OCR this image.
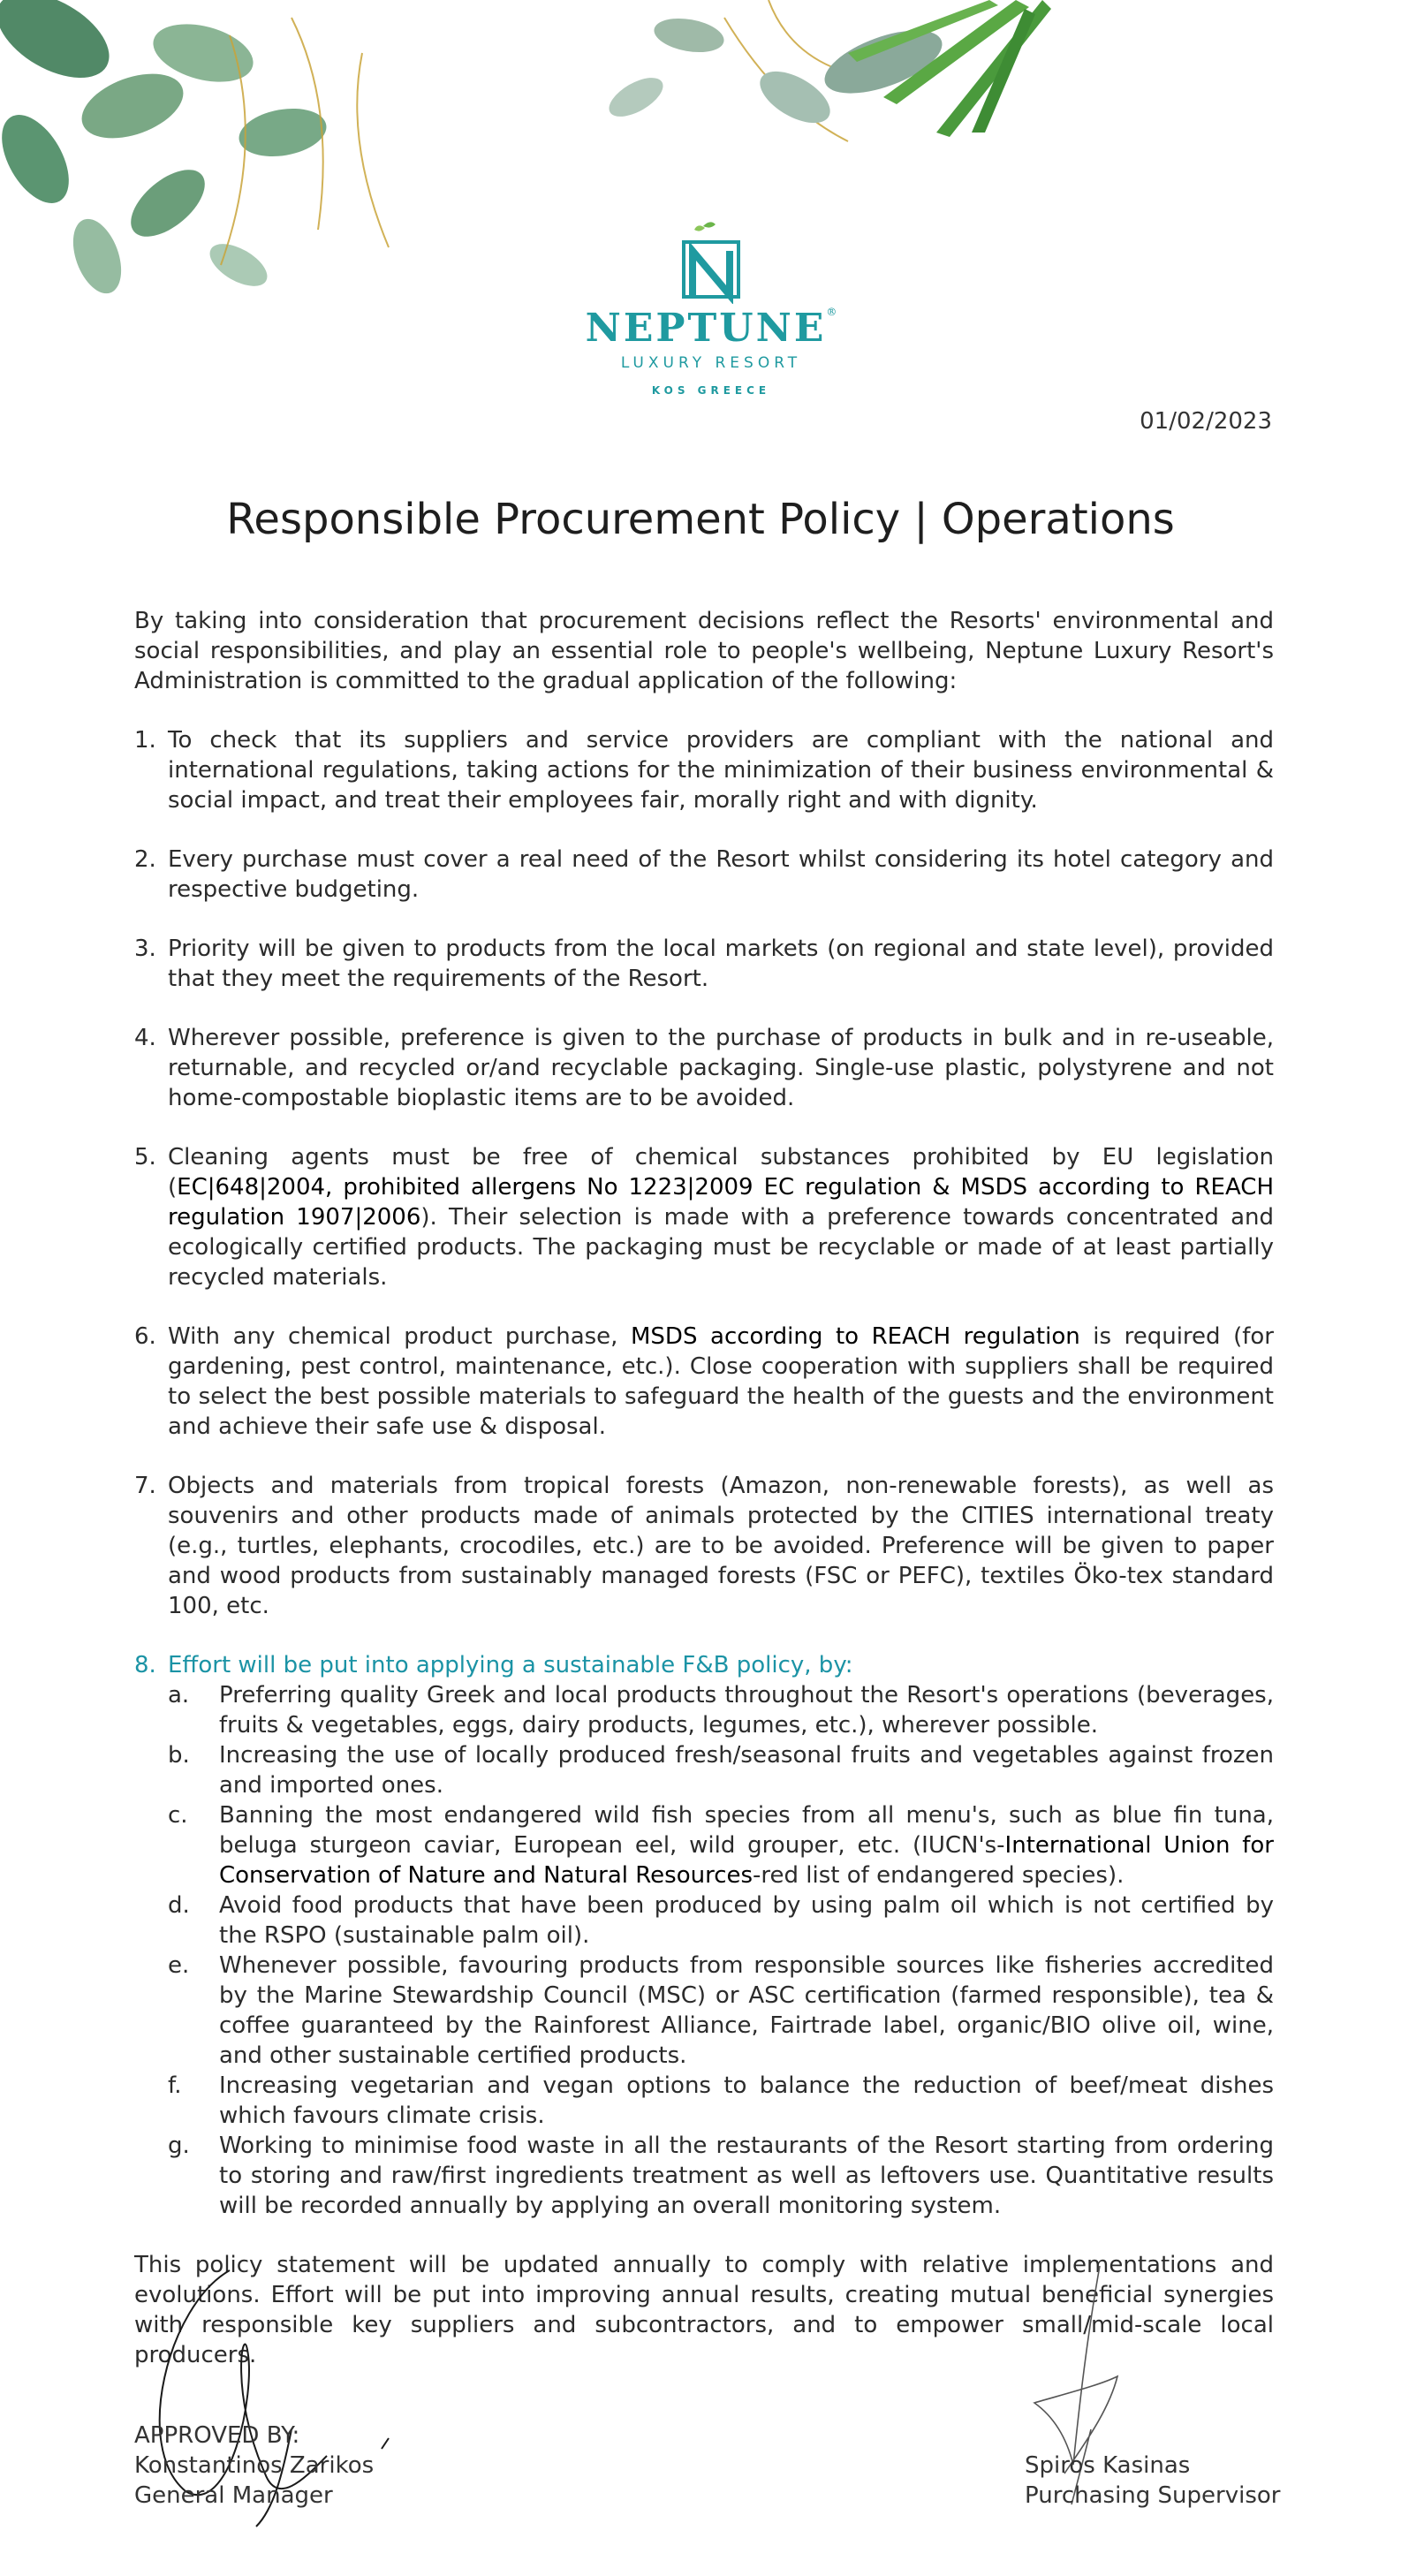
NEPTUNE®
LUXURY RESORT
KOS GREECE
01/02/2023
Responsible Procurement Policy | Operations

By taking into consideration that procurement decisions reflect the Resorts' environmental and social responsibilities, and play an essential role to people's wellbeing, Neptune Luxury Resort's Administration is committed to the gradual application of the following:

1. To check that its suppliers and service providers are compliant with the national and international regulations, taking actions for the minimization of their business environmental & social impact, and treat their employees fair, morally right and with dignity.
2. Every purchase must cover a real need of the Resort whilst considering its hotel category and respective budgeting.
3. Priority will be given to products from the local markets (on regional and state level), provided that they meet the requirements of the Resort.
4. Wherever possible, preference is given to the purchase of products in bulk and in re-useable, returnable, and recycled or/and recyclable packaging. Single-use plastic, polystyrene and not home-compostable bioplastic items are to be avoided.
5. Cleaning agents must be free of chemical substances prohibited by EU legislation (EC|648|2004, prohibited allergens No 1223|2009 EC regulation & MSDS according to REACH regulation 1907|2006). Their selection is made with a preference towards concentrated and ecologically certified products. The packaging must be recyclable or made of at least partially recycled materials.
6. With any chemical product purchase, MSDS according to REACH regulation is required (for gardening, pest control, maintenance, etc.). Close cooperation with suppliers shall be required to select the best possible materials to safeguard the health of the guests and the environment and achieve their safe use & disposal.
7. Objects and materials from tropical forests (Amazon, non-renewable forests), as well as souvenirs and other products made of animals protected by the CITIES international treaty (e.g., turtles, elephants, crocodiles, etc.) are to be avoided. Preference will be given to paper and wood products from sustainably managed forests (FSC or PEFC), textiles Öko-tex standard 100, etc.
8. Effort will be put into applying a sustainable F&B policy, by:
a.	Preferring quality Greek and local products throughout the Resort's operations (beverages, fruits & vegetables, eggs, dairy products, legumes, etc.), wherever possible.
b.	Increasing the use of locally produced fresh/seasonal fruits and vegetables against frozen and imported ones.
c.	Banning the most endangered wild fish species from all menu's, such as blue fin tuna, beluga sturgeon caviar, European eel, wild grouper, etc. (IUCN's-International Union for Conservation of Nature and Natural Resources-red list of endangered species).
d.	Avoid food products that have been produced by using palm oil which is not certified by the RSPO (sustainable palm oil).
e.	Whenever possible, favouring products from responsible sources like fisheries accredited by the Marine Stewardship Council (MSC) or ASC certification (farmed responsible), tea & coffee guaranteed by the Rainforest Alliance, Fairtrade label, organic/BIO olive oil, wine, and other sustainable certified products.
f.	Increasing vegetarian and vegan options to balance the reduction of beef/meat dishes which favours climate crisis.
g.	Working to minimise food waste in all the restaurants of the Resort starting from ordering to storing and raw/first ingredients treatment as well as leftovers use. Quantitative results will be recorded annually by applying an overall monitoring system.

This policy statement will be updated annually to comply with relative implementations and evolutions. Effort will be put into improving annual results, creating mutual beneficial synergies with responsible key suppliers and subcontractors, and to empower small/mid-scale local producers.

APPROVED BY:
Konstantinos Zarikos
General Manager
Spiros Kasinas
Purchasing Supervisor
